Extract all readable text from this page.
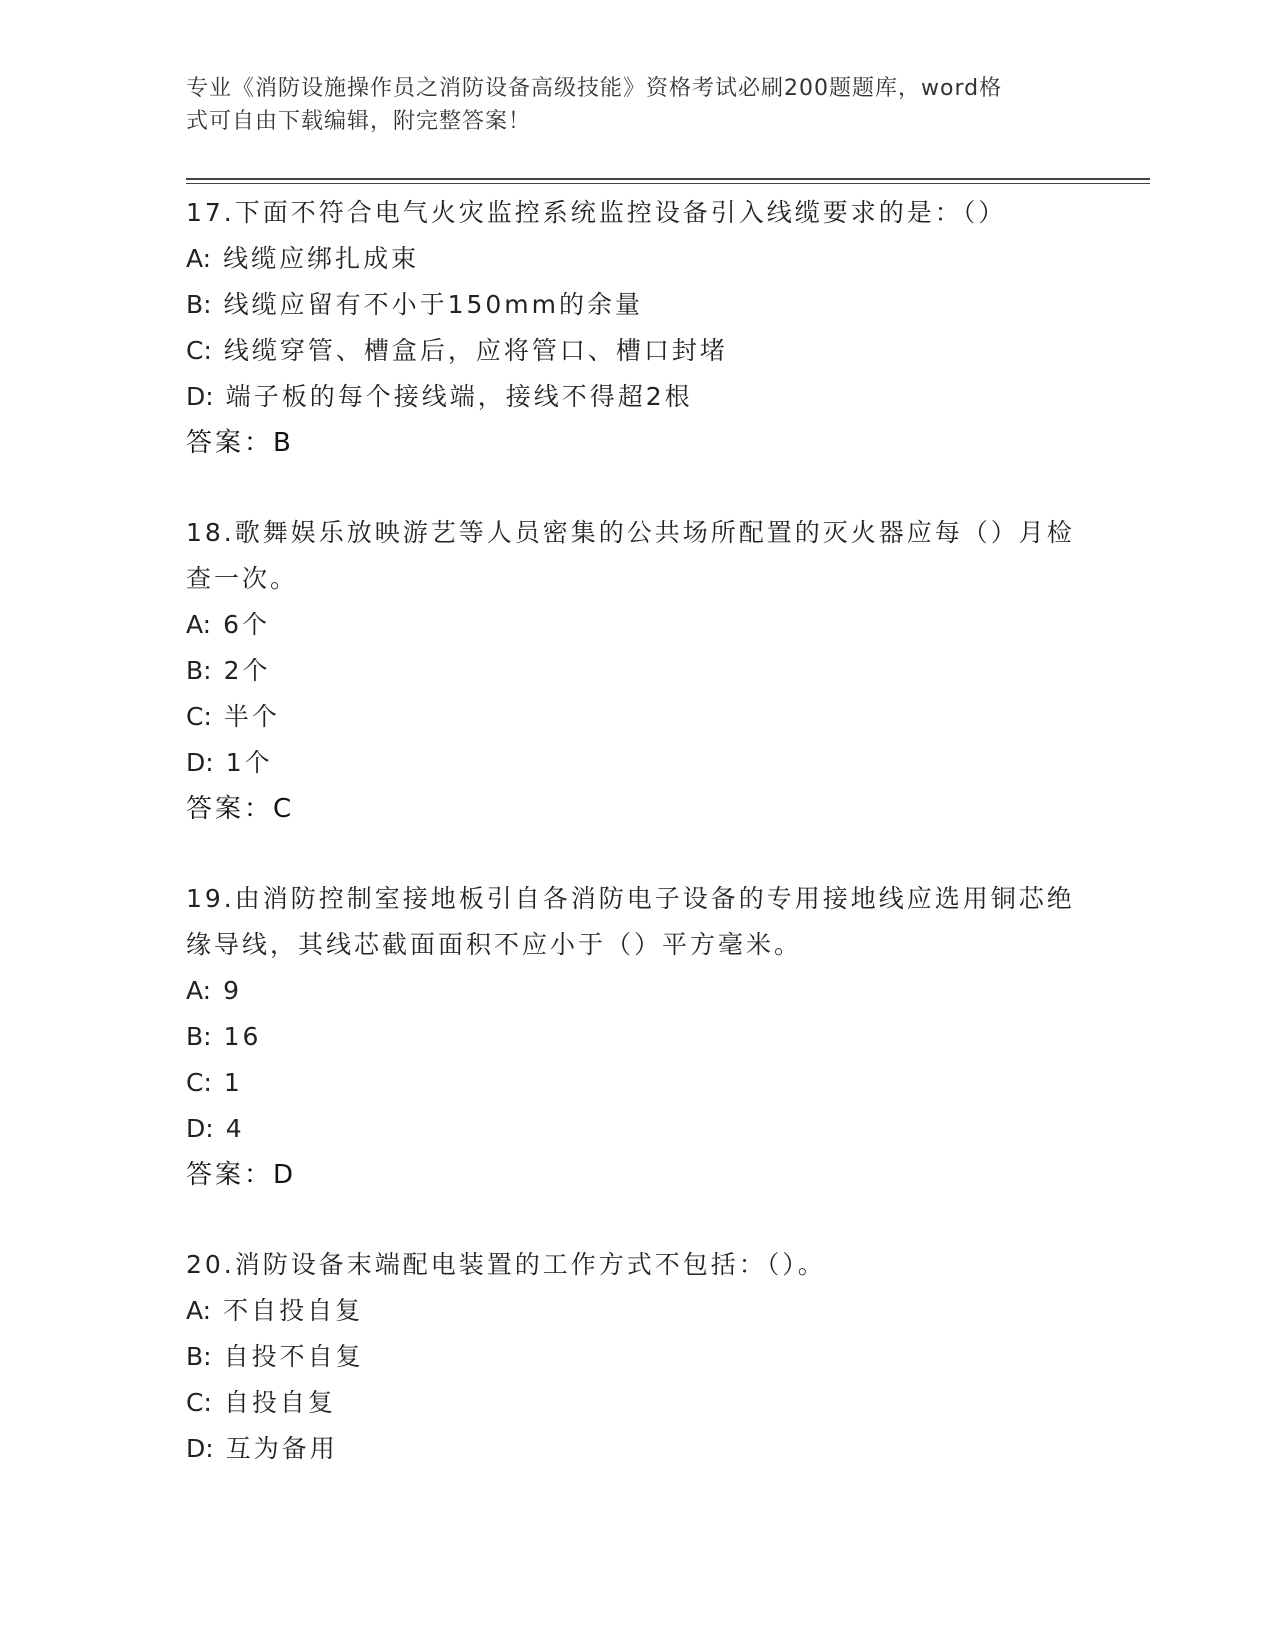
专业《消防设施操作员之消防设备高级技能》资格考试必刷200题题库，word格
式可自由下载编辑，附完整答案！
17.下面不符合电气火灾监控系统监控设备引入线缆要求的是：（）
A: 线缆应绑扎成束
B: 线缆应留有不小于150mm的余量
C: 线缆穿管、槽盒后，应将管口、槽口封堵
D: 端子板的每个接线端，接线不得超2根
答案：B
18.歌舞娱乐放映游艺等人员密集的公共场所配置的灭火器应每（）月检查一次。
A: 6个
B: 2个
C: 半个
D: 1个
答案：C
19.由消防控制室接地板引自各消防电子设备的专用接地线应选用铜芯绝缘导线，其线芯截面面积不应小于（）平方毫米。
A: 9
B: 16
C: 1
D: 4
答案：D
20.消防设备末端配电装置的工作方式不包括：（）。
A: 不自投自复
B: 自投不自复
C: 自投自复
D: 互为备用
